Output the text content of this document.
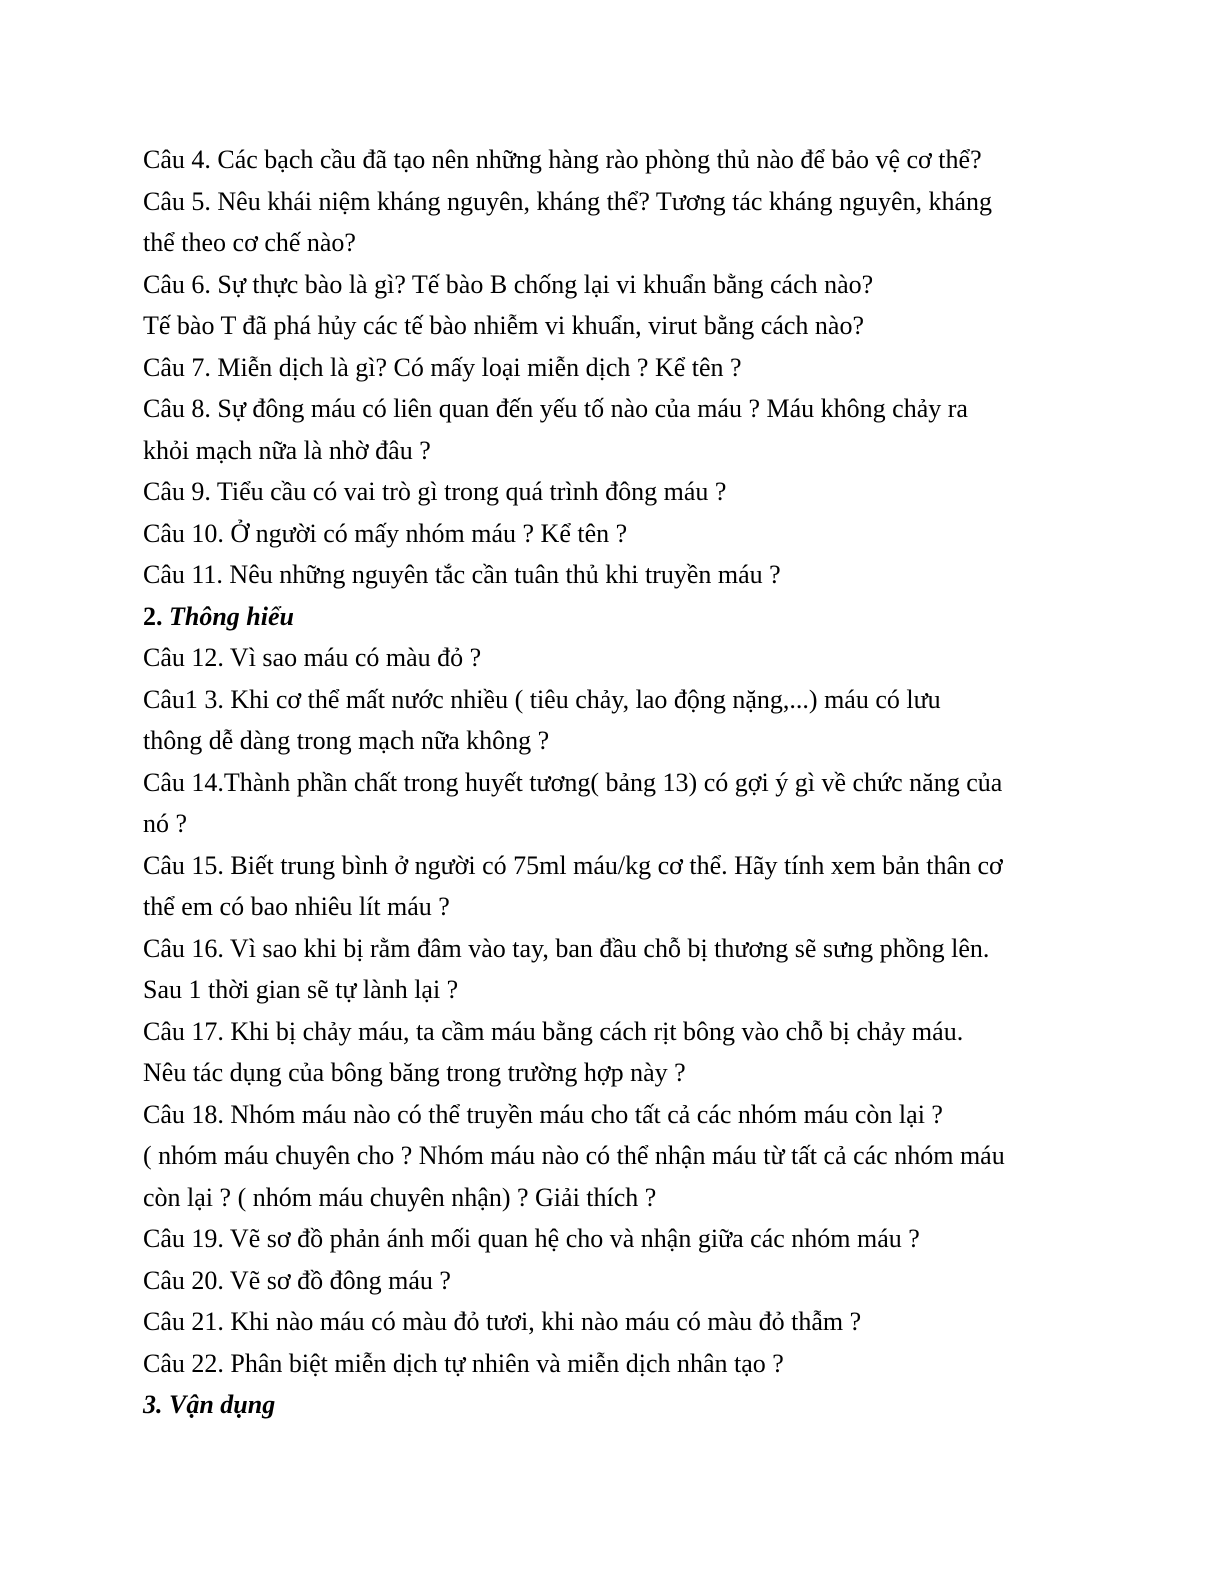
Câu 4. Các bạch cầu đã tạo nên những hàng rào phòng thủ nào để bảo vệ cơ thể?
Câu 5. Nêu khái niệm kháng nguyên, kháng thể? Tương tác kháng nguyên, kháng
thể theo cơ chế nào?
Câu 6. Sự thực bào là gì? Tế bào B chống lại vi khuẩn bằng cách nào?
Tế bào T đã phá hủy các tế bào nhiễm vi khuẩn, virut bằng cách nào?
Câu 7. Miễn dịch là gì? Có mấy loại miễn dịch ? Kể tên ?
Câu 8. Sự đông máu có liên quan đến yếu tố nào của máu ? Máu không chảy ra
khỏi mạch nữa là nhờ đâu ?
Câu 9. Tiểu cầu có vai trò gì trong quá trình đông máu ?
Câu 10. Ở người có mấy nhóm máu ? Kể tên ?
Câu 11. Nêu những nguyên tắc cần tuân thủ khi truyền máu ?
2. Thông hiểu
Câu 12. Vì sao máu có màu đỏ ?
Câu1 3. Khi cơ thể mất nước nhiều ( tiêu chảy, lao động nặng,...) máu có lưu
thông dễ dàng trong mạch nữa không ?
Câu 14.Thành phần chất trong huyết tương( bảng 13) có gợi ý gì về chức năng của
nó ?
Câu 15. Biết trung bình ở người có 75ml máu/kg cơ thể. Hãy tính xem bản thân cơ
thể em có bao nhiêu lít máu ?
Câu 16. Vì sao khi bị rằm đâm vào tay, ban đầu chỗ bị thương sẽ sưng phồng lên.
Sau 1 thời gian sẽ tự lành lại ?
Câu 17. Khi bị chảy máu, ta cầm máu bằng cách rịt bông vào chỗ bị chảy máu.
Nêu tác dụng của bông băng trong trường hợp này ?
Câu 18. Nhóm máu nào có thể truyền máu cho tất cả các nhóm máu còn lại ?
( nhóm máu chuyên cho ? Nhóm máu nào có thể nhận máu từ tất cả các nhóm máu
còn lại ? ( nhóm máu chuyên nhận) ? Giải thích ?
Câu 19. Vẽ sơ đồ phản ánh mối quan hệ cho và nhận giữa các nhóm máu ?
Câu 20. Vẽ sơ đồ đông máu ?
Câu 21. Khi nào máu có màu đỏ tươi, khi nào máu có màu đỏ thẫm ?
Câu 22. Phân biệt miễn dịch tự nhiên và miễn dịch nhân tạo ?
3. Vận dụng
